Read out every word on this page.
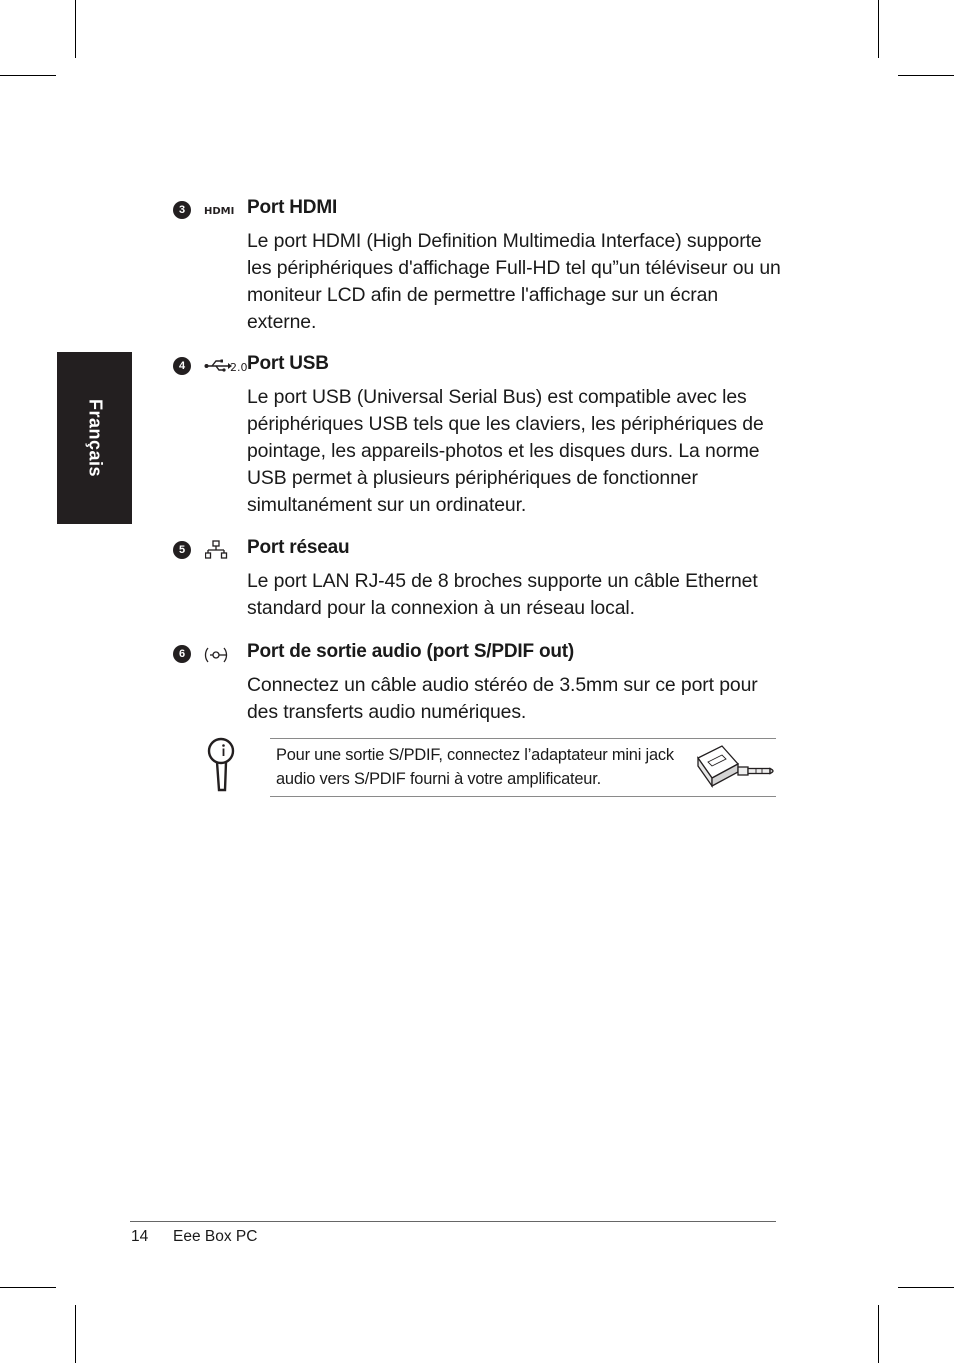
Français
3	HDMI Port HDMI

Le port HDMI (High Definition Multimedia Interface) supporte les périphériques d'affichage Full-HD tel qu”un téléviseur ou un moniteur LCD afin de permettre l'affichage sur un écran externe.

4	2.0 Port USB

Le port USB (Universal Serial Bus) est compatible avec les périphériques USB tels que les claviers, les périphériques de pointage, les appareils-photos et les disques durs. La norme USB permet à plusieurs périphériques de fonctionner simultanément sur un ordinateur.

5	Port réseau

Le port LAN RJ-45 de 8 broches supporte un câble Ethernet standard pour la connexion à un réseau local.

6	Port de sortie audio (port S/PDIF out)

Connectez un câble audio stéréo de 3.5mm sur ce port pour des transferts audio numériques.

Pour une sortie S/PDIF, connectez l’adaptateur mini jack audio vers S/PDIF fourni à votre amplificateur.

14 Eee Box PC
